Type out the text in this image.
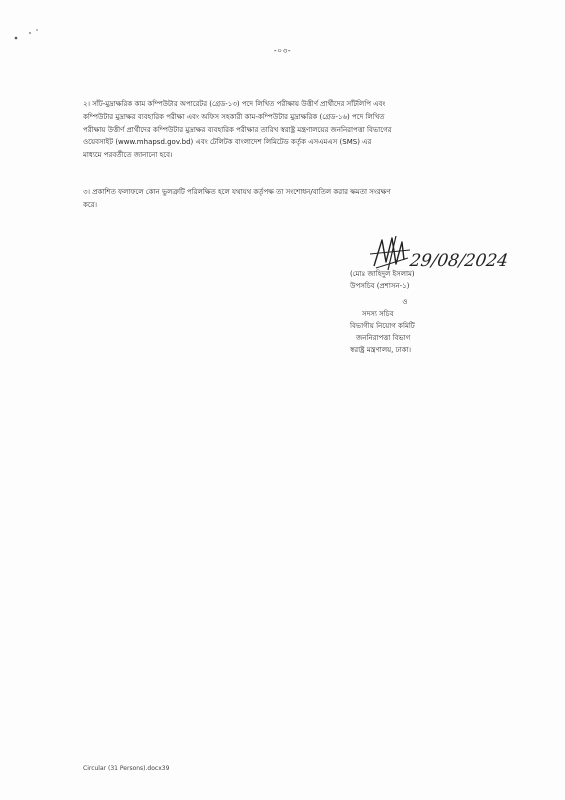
-০৩-
২। সাঁট-মুদ্রাক্ষরিক কাম কম্পিউটার অপারেটর (গ্রেড-১৩) পদে লিখিত পরীক্ষায় উত্তীর্ণ প্রার্থীদের সাঁটলিপি এবং
কম্পিউটার মুদ্রাক্ষর ব্যবহারিক পরীক্ষা এবং অফিস সহকারী কাম-কম্পিউটার মুদ্রাক্ষরিক (গ্রেড-১৬) পদে লিখিত
পরীক্ষায় উত্তীর্ণ প্রার্থীদের কম্পিউটার মুদ্রাক্ষর ব্যবহারিক পরীক্ষার তারিখ স্বরাষ্ট্র মন্ত্রণালয়ের জননিরাপত্তা বিভাগের
ওয়েবসাইট (www.mhapsd.gov.bd) এবং টেলিটক বাংলাদেশ লিমিটেড কর্তৃক এসএমএস (SMS) এর
মাধ্যমে পরবর্তীতে জানানো হবে।
৩। প্রকাশিত ফলাফলে কোন ভুলত্রুটি পরিলক্ষিত হলে যথাযথ কর্তৃপক্ষ তা সংশোধন/বাতিল করার ক্ষমতা সংরক্ষণ
করে।
29/08/2024
(মোঃ জাহিদুল ইসলাম)
উপসচিব (প্রশাসন-১)
ও
সদস্য সচিব
বিভাগীয় নিয়োগ কমিটি
জননিরাপত্তা বিভাগ
স্বরাষ্ট্র মন্ত্রণালয়, ঢাকা।
Circular (31 Persons).docx39
